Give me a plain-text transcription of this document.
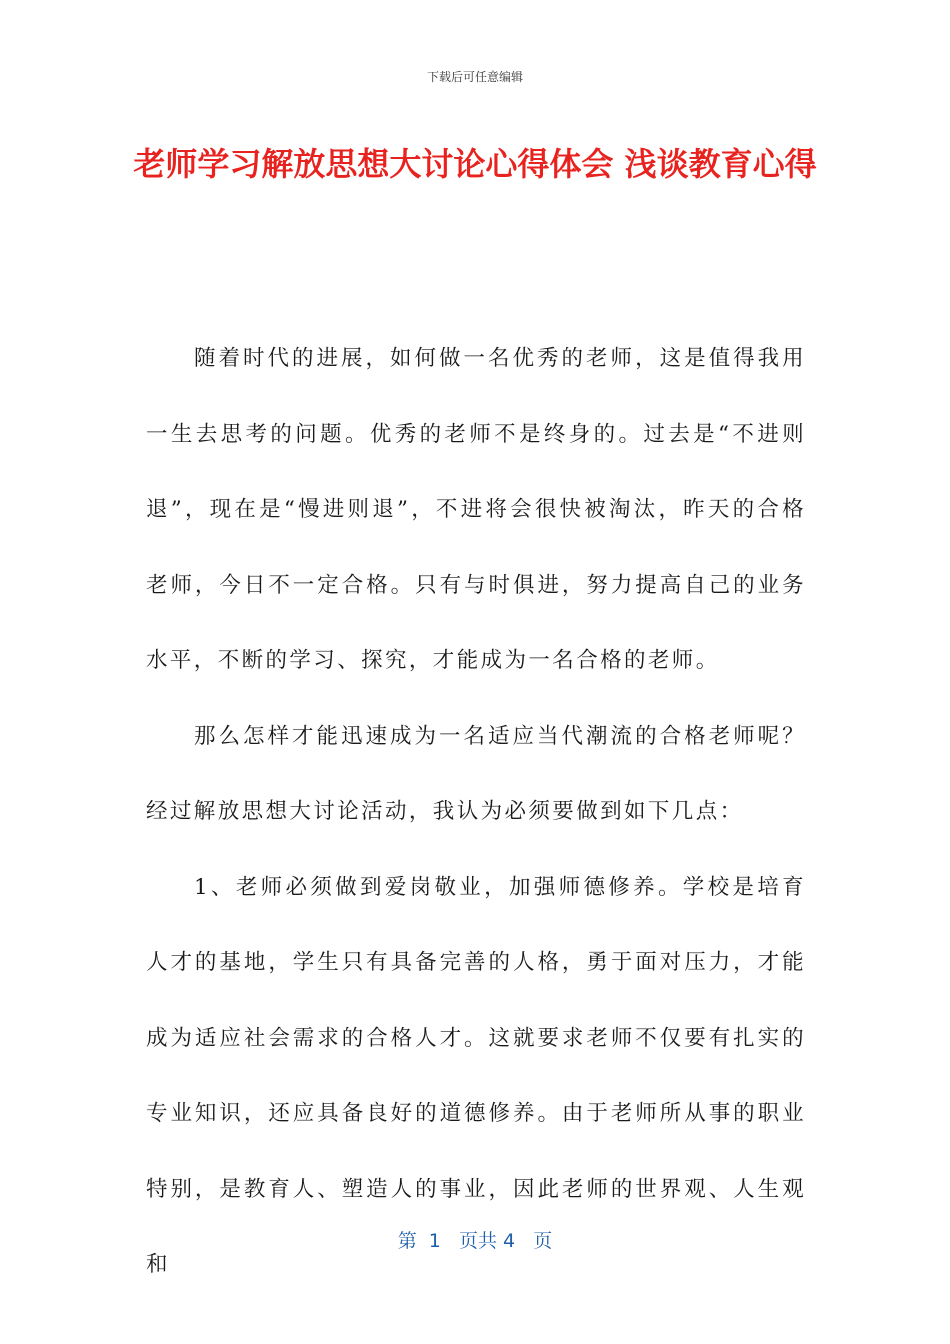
下载后可任意编辑
老师学习解放思想大讨论心得体会 浅谈教育心得

随着时代的进展，如何做一名优秀的老师，这是值得我用一生去思考的问题。优秀的老师不是终身的。过去是“不进则退”，现在是“慢进则退”，不进将会很快被淘汰，昨天的合格老师，今日不一定合格。只有与时俱进，努力提高自己的业务水平，不断的学习、探究，才能成为一名合格的老师。

那么怎样才能迅速成为一名适应当代潮流的合格老师呢？经过解放思想大讨论活动，我认为必须要做到如下几点：

1、老师必须做到爱岗敬业，加强师德修养。学校是培育人才的基地，学生只有具备完善的人格，勇于面对压力，才能成为适应社会需求的合格人才。这就要求老师不仅要有扎实的专业知识，还应具备良好的道德修养。由于老师所从事的职业特别，是教育人、塑造人的事业，因此老师的世界观、人生观和

第  1   页共 4   页
